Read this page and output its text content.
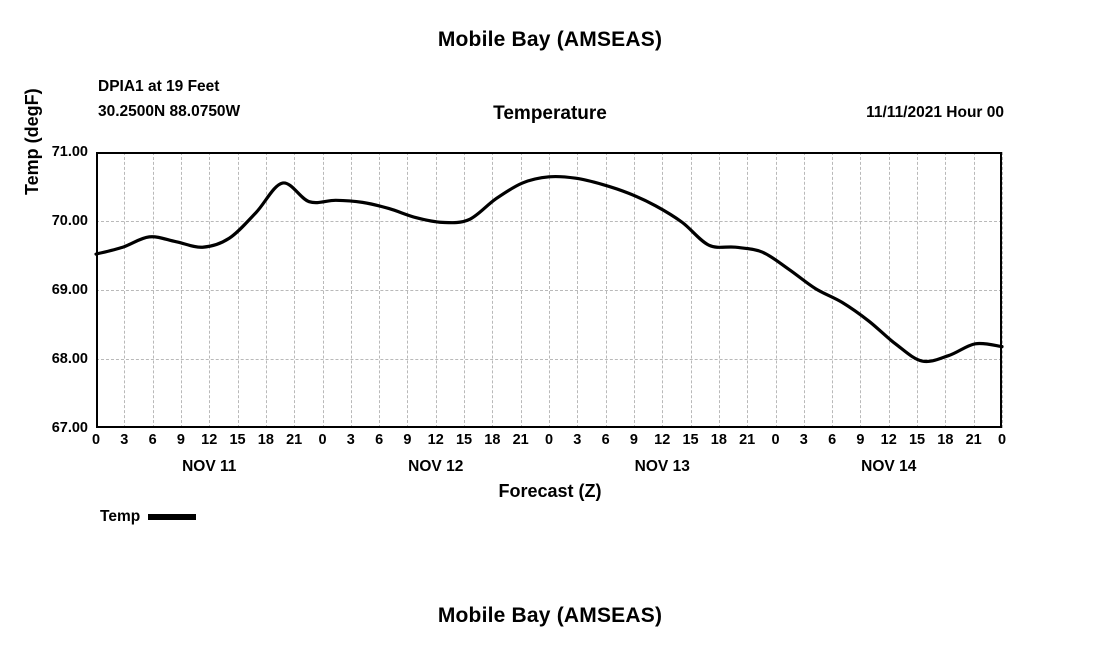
Mobile Bay (AMSEAS)
DPIA1 at 19 Feet
30.2500N 88.0750W	Temperature	11/11/2021 Hour 00
Temp (degF) 71.00
70.00
69.00
68.00
67.00
0 3 6 9 12 15 18 21 0 3 6 9 12 15 18 21 0 3 6 9 12 15 18 21 0 3 6 9 12 15 18 21 0
NOV 11	NOV 12	NOV 13	NOV 14
Forecast (Z)
Temp
Mobile Bay (AMSEAS)
